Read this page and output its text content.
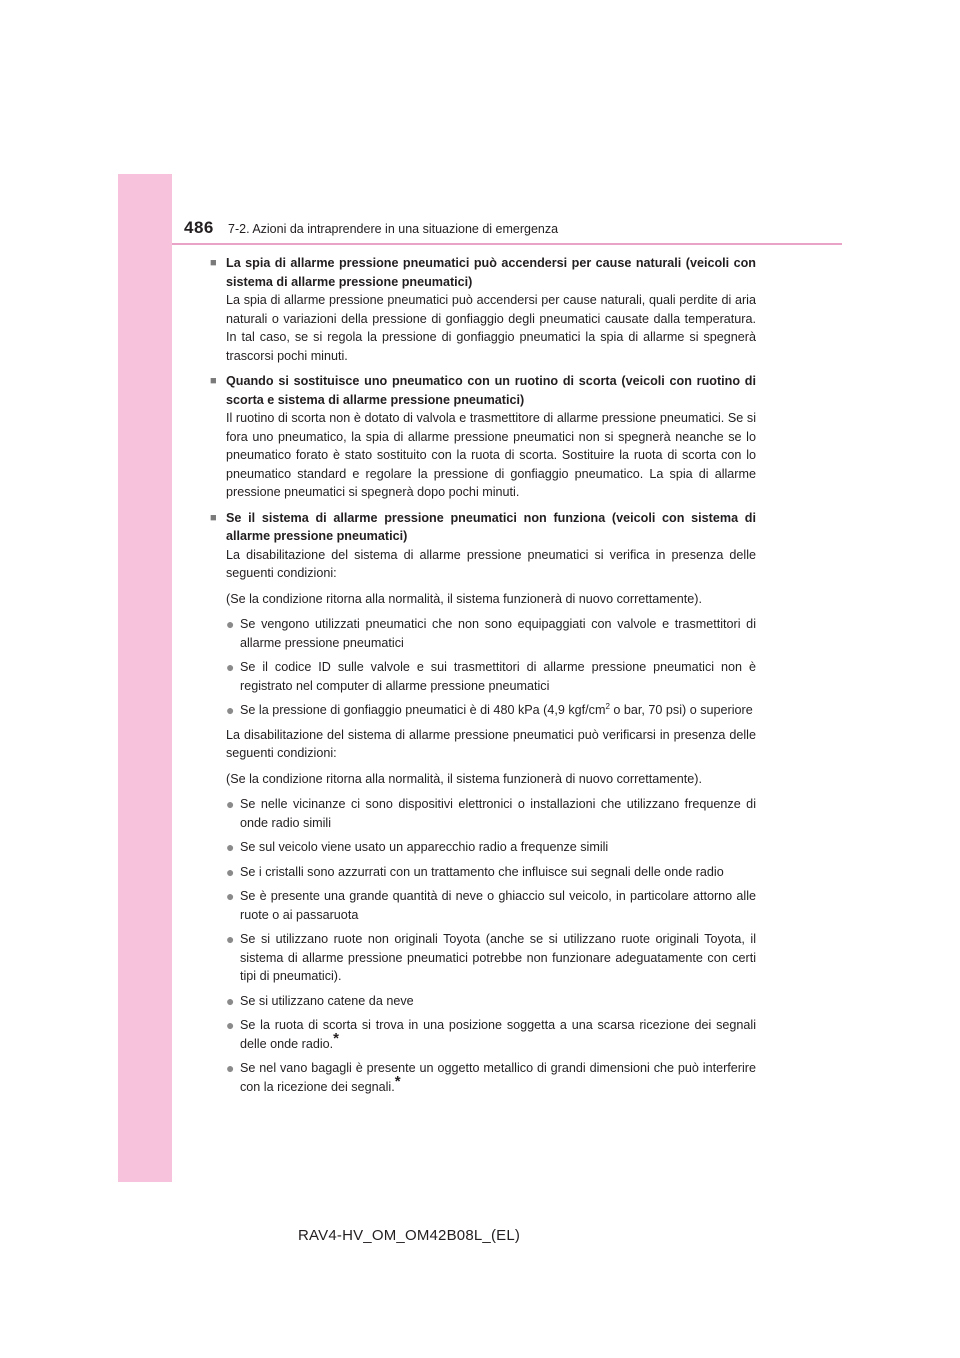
486 7-2. Azioni da intraprendere in una situazione di emergenza
■ La spia di allarme pressione pneumatici può accendersi per cause naturali (veicoli con sistema di allarme pressione pneumatici)
La spia di allarme pressione pneumatici può accendersi per cause naturali, quali perdite di aria naturali o variazioni della pressione di gonfiaggio degli pneumatici causate dalla temperatura. In tal caso, se si regola la pressione di gonfiaggio pneumatici la spia di allarme si spegnerà trascorsi pochi minuti.
■ Quando si sostituisce uno pneumatico con un ruotino di scorta (veicoli con ruotino di scorta e sistema di allarme pressione pneumatici)
Il ruotino di scorta non è dotato di valvola e trasmettitore di allarme pressione pneumatici. Se si fora uno pneumatico, la spia di allarme pressione pneumatici non si spegnerà neanche se lo pneumatico forato è stato sostituito con la ruota di scorta. Sostituire la ruota di scorta con lo pneumatico standard e regolare la pressione di gonfiaggio pneumatico. La spia di allarme pressione pneumatici si spegnerà dopo pochi minuti.
■ Se il sistema di allarme pressione pneumatici non funziona (veicoli con sistema di allarme pressione pneumatici)
La disabilitazione del sistema di allarme pressione pneumatici si verifica in presenza delle seguenti condizioni:
(Se la condizione ritorna alla normalità, il sistema funzionerà di nuovo correttamente).
● Se vengono utilizzati pneumatici che non sono equipaggiati con valvole e trasmettitori di allarme pressione pneumatici
● Se il codice ID sulle valvole e sui trasmettitori di allarme pressione pneumatici non è registrato nel computer di allarme pressione pneumatici
● Se la pressione di gonfiaggio pneumatici è di 480 kPa (4,9 kgf/$cm^2$ o bar, 70 psi) o superiore
La disabilitazione del sistema di allarme pressione pneumatici può verificarsi in presenza delle seguenti condizioni:
(Se la condizione ritorna alla normalità, il sistema funzionerà di nuovo correttamente).
● Se nelle vicinanze ci sono dispositivi elettronici o installazioni che utilizzano frequenze di onde radio simili
● Se sul veicolo viene usato un apparecchio radio a frequenze simili
● Se i cristalli sono azzurrati con un trattamento che influisce sui segnali delle onde radio
● Se è presente una grande quantità di neve o ghiaccio sul veicolo, in particolare attorno alle ruote o ai passaruota
● Se si utilizzano ruote non originali Toyota (anche se si utilizzano ruote originali Toyota, il sistema di allarme pressione pneumatici potrebbe non funzionare adeguatamente con certi tipi di pneumatici).
● Se si utilizzano catene da neve
● Se la ruota di scorta si trova in una posizione soggetta a una scarsa ricezione dei segnali delle onde radio.*
● Se nel vano bagagli è presente un oggetto metallico di grandi dimensioni che può interferire con la ricezione dei segnali.*
RAV4-HV_OM_OM42B08L_(EL)
